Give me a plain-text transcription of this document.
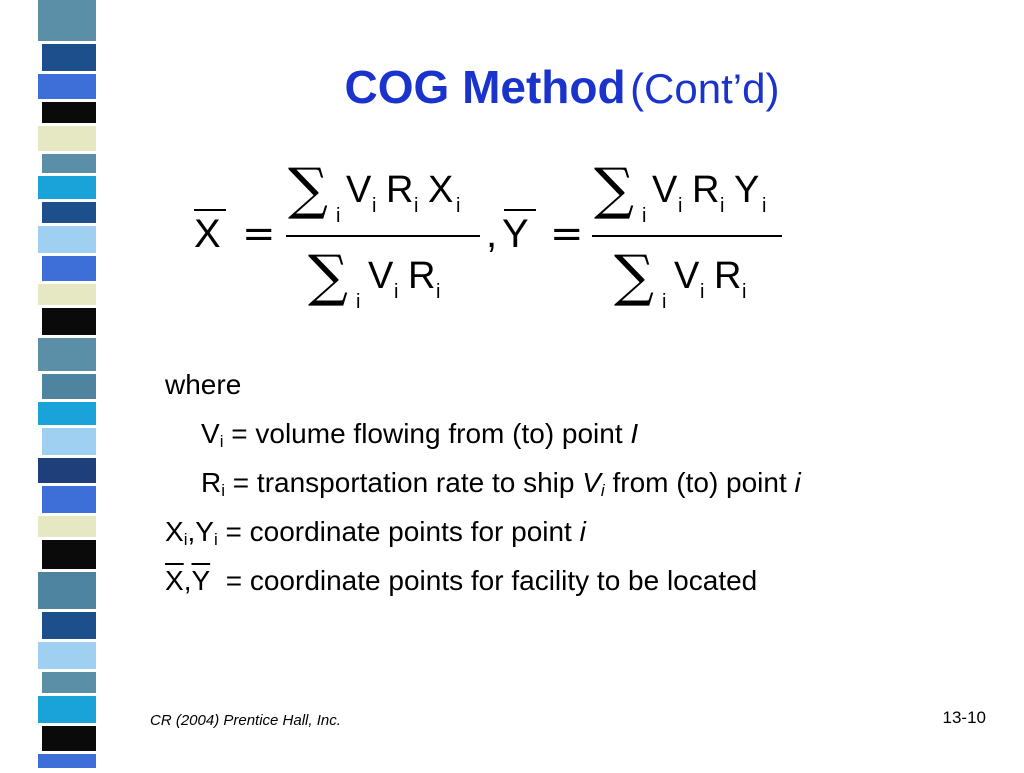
COG Method (Cont’d)
X =
∑ i
V i R i X i
∑ i
V i R i
, Y =
∑ i
V i R i Y i
∑ i
V i R i
where
$V_i$ = volume flowing from (to) point I
$R_i$ = transportation rate to ship $V_i$ from (to) point i
$X_i,Y_i$ = coordinate points for point i
$\overline{X},\overline{Y}$ = coordinate points for facility to be located
CR (2004) Prentice Hall, Inc.	13-10
